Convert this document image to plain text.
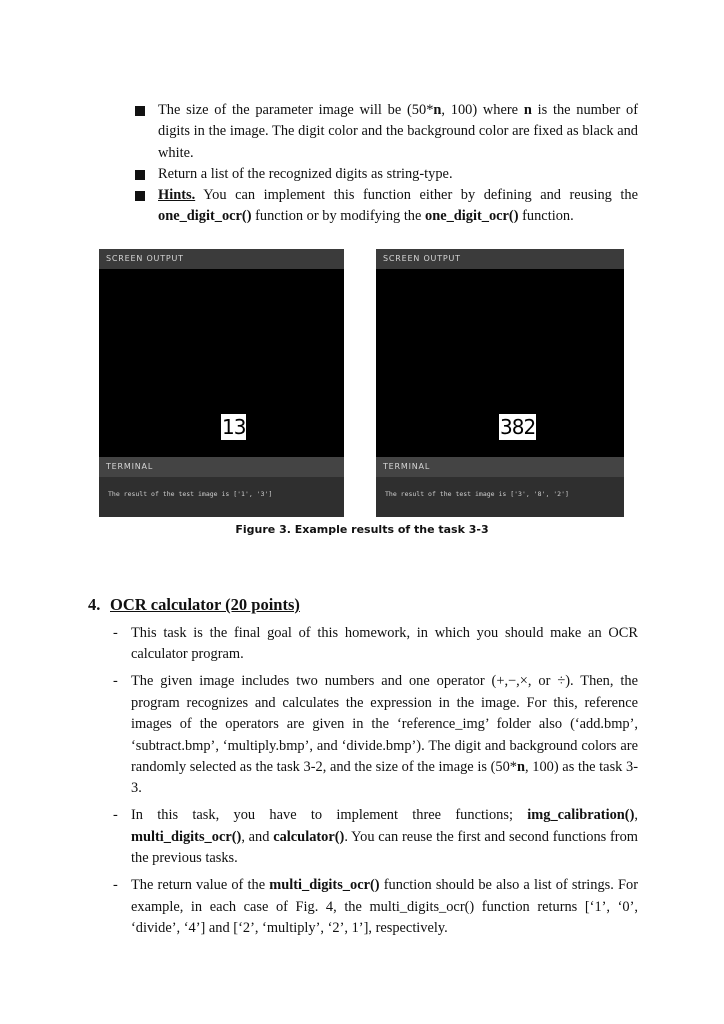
The size of the parameter image will be (50*n, 100) where n is the number of digits in the image. The digit color and the background color are fixed as black and white.
Return a list of the recognized digits as string-type.
Hints. You can implement this function either by defining and reusing the one_digit_ocr() function or by modifying the one_digit_ocr() function.
SCREEN OUTPUT
13
TERMINAL
The result of the test image is ['1', '3']
SCREEN OUTPUT
382
TERMINAL
The result of the test image is ['3', '8', '2']
Figure 3. Example results of the task 3-3
4. OCR calculator (20 points)
- This task is the final goal of this homework, in which you should make an OCR calculator program.
- The given image includes two numbers and one operator (+,−,×, or ÷). Then, the program recognizes and calculates the expression in the image. For this, reference images of the operators are given in the ‘reference_img’ folder also (‘add.bmp’, ‘subtract.bmp’, ‘multiply.bmp’, and ‘divide.bmp’). The digit and background colors are randomly selected as the task 3-2, and the size of the image is (50*n, 100) as the task 3-3.
- In this task, you have to implement three functions; img_calibration(), multi_digits_ocr(), and calculator(). You can reuse the first and second functions from the previous tasks.
- The return value of the multi_digits_ocr() function should be also a list of strings. For example, in each case of Fig. 4, the multi_digits_ocr() function returns [‘1’, ‘0’, ‘divide’, ‘4’] and [‘2’, ‘multiply’, ‘2’, 1’], respectively.
